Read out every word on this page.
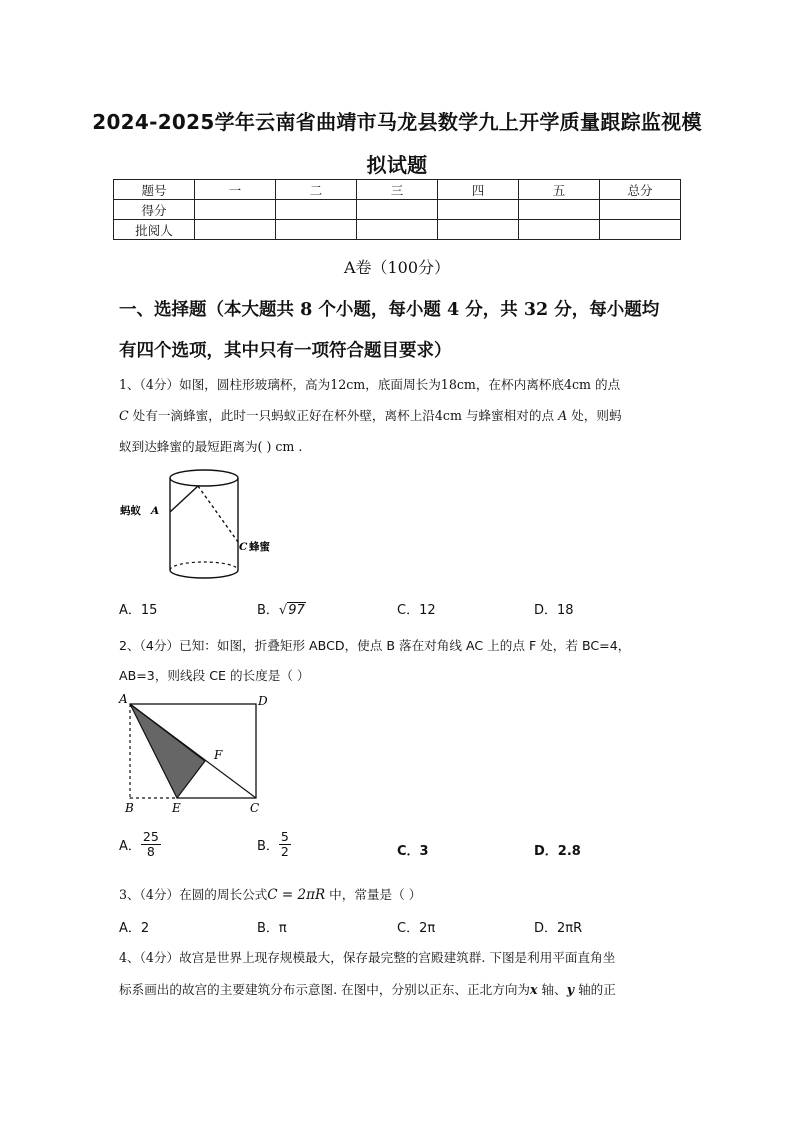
2024-2025学年云南省曲靖市马龙县数学九上开学质量跟踪监视模
拟试题
题号	一	二	三	四	五	总分
得分						
批阅人						
A卷（100分）
一、选择题（本大题共 8 个小题，每小题 4 分，共 32 分，每小题均
有四个选项，其中只有一项符合题目要求）
1、（4分）如图，圆柱形玻璃杯，高为12cm，底面周长为18cm，在杯内离杯底4cm 的点
C 处有一滴蜂蜜，此时一只蚂蚁正好在杯外壁，离杯上沿4cm 与蜂蜜相对的点 A 处，则蚂
蚁到达蜂蜜的最短距离为( ) cm .
蚂蚁 A
C 蜂蜜
A．15	B．√97	C．12	D．18
2、（4分）已知：如图，折叠矩形 ABCD，使点 B 落在对角线 AC 上的点 F 处，若 BC=4，
AB=3，则线段 CE 的长度是（ ）
A	D
F
B	E	C
A． $\frac{25}{8}$	B． $\frac{5}{2}$	C．3	D．2.8
3、（4分）在圆的周长公式C = 2πR 中，常量是（ ）
A．2	B．π	C．2π	D．2πR
4、（4分）故宫是世界上现存规模最大，保存最完整的宫殿建筑群. 下图是利用平面直角坐
标系画出的故宫的主要建筑分布示意图. 在图中，分别以正东、正北方向为x 轴、y 轴的正
